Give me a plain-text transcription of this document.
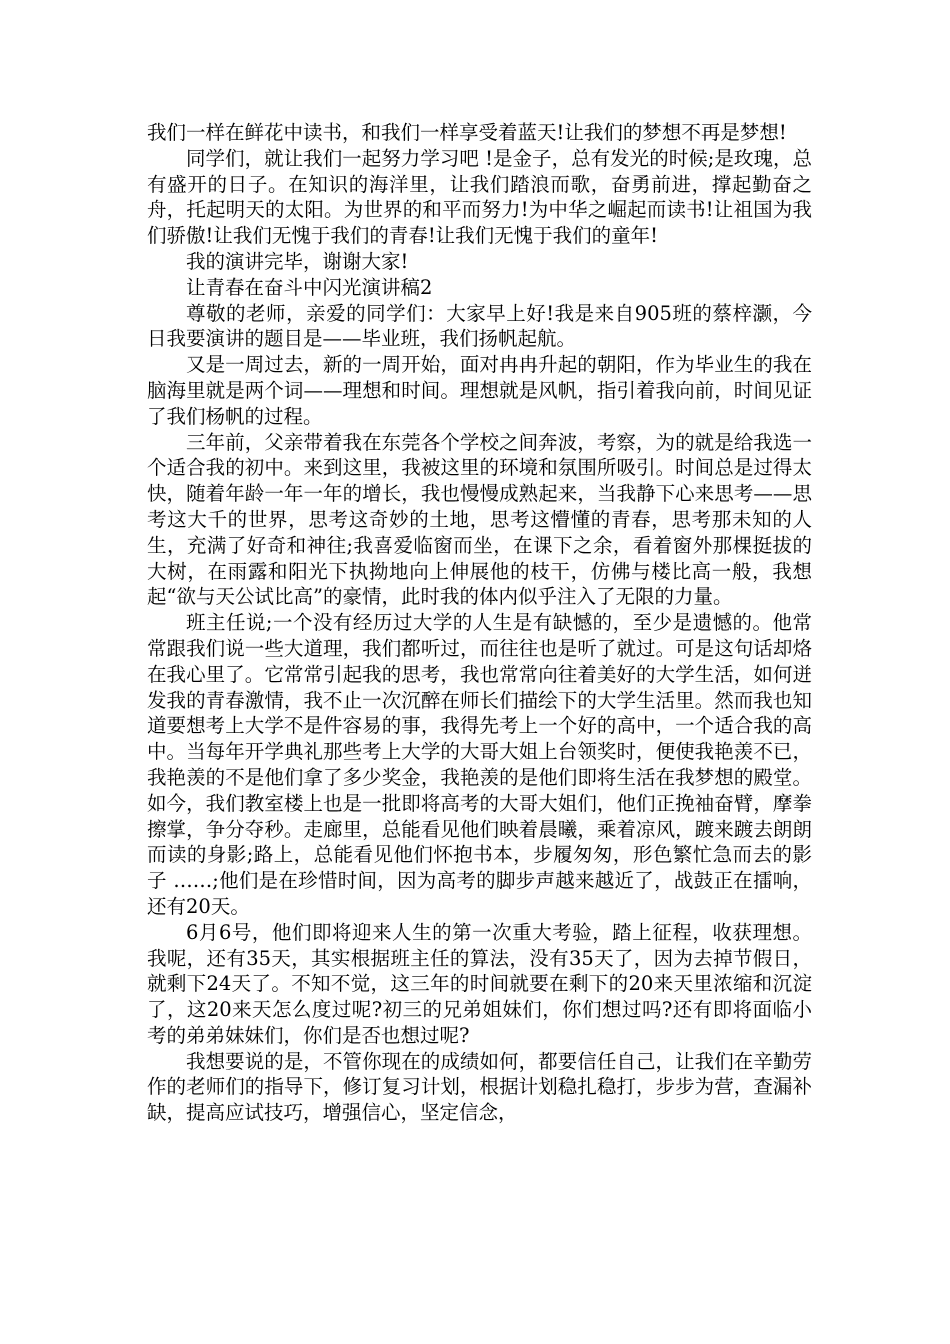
我们一样在鲜花中读书，和我们一样享受着蓝天!让我们的梦想不再是梦想!

同学们，就让我们一起努力学习吧 !是金子，总有发光的时候;是玫瑰，总有盛开的日子。在知识的海洋里，让我们踏浪而歌，奋勇前进，撑起勤奋之舟，托起明天的太阳。为世界的和平而努力!为中华之崛起而读书!让祖国为我们骄傲!让我们无愧于我们的青春!让我们无愧于我们的童年!

我的演讲完毕，谢谢大家!

让青春在奋斗中闪光演讲稿2

尊敬的老师，亲爱的同学们：大家早上好!我是来自905班的蔡梓灏，今日我要演讲的题目是——毕业班，我们扬帆起航。

又是一周过去，新的一周开始，面对冉冉升起的朝阳，作为毕业生的我在脑海里就是两个词——理想和时间。理想就是风帆，指引着我向前，时间见证了我们杨帆的过程。

三年前，父亲带着我在东莞各个学校之间奔波，考察，为的就是给我选一个适合我的初中。来到这里，我被这里的环境和氛围所吸引。时间总是过得太快，随着年龄一年一年的增长，我也慢慢成熟起来，当我静下心来思考——思考这大千的世界，思考这奇妙的土地，思考这懵懂的青春，思考那未知的人生，充满了好奇和神往;我喜爱临窗而坐，在课下之余，看着窗外那棵挺拔的大树，在雨露和阳光下执拗地向上伸展他的枝干，仿佛与楼比高一般，我想起“欲与天公试比高”的豪情，此时我的体内似乎注入了无限的力量。

班主任说;一个没有经历过大学的人生是有缺憾的，至少是遗憾的。他常常跟我们说一些大道理，我们都听过，而往往也是听了就过。可是这句话却烙在我心里了。它常常引起我的思考，我也常常向往着美好的大学生活，如何迸发我的青春激情，我不止一次沉醉在师长们描绘下的大学生活里。然而我也知道要想考上大学不是件容易的事，我得先考上一个好的高中，一个适合我的高中。当每年开学典礼那些考上大学的大哥大姐上台领奖时，便使我艳羡不已，我艳羡的不是他们拿了多少奖金，我艳羡的是他们即将生活在我梦想的殿堂。如今，我们教室楼上也是一批即将高考的大哥大姐们，他们正挽袖奋臂，摩拳擦掌，争分夺秒。走廊里，总能看见他们映着晨曦，乘着凉风，踱来踱去朗朗而读的身影;路上，总能看见他们怀抱书本，步履匆匆，形色繁忙急而去的影子 ……;他们是在珍惜时间，因为高考的脚步声越来越近了，战鼓正在擂响，还有20天。

6月6号，他们即将迎来人生的第一次重大考验，踏上征程，收获理想。我呢，还有35天，其实根据班主任的算法，没有35天了，因为去掉节假日，就剩下24天了。不知不觉，这三年的时间就要在剩下的20来天里浓缩和沉淀了，这20来天怎么度过呢?初三的兄弟姐妹们，你们想过吗?还有即将面临小考的弟弟妹妹们，你们是否也想过呢?

我想要说的是，不管你现在的成绩如何，都要信任自己，让我们在辛勤劳作的老师们的指导下，修订复习计划，根据计划稳扎稳打，步步为营，查漏补缺，提高应试技巧，增强信心，坚定信念，
